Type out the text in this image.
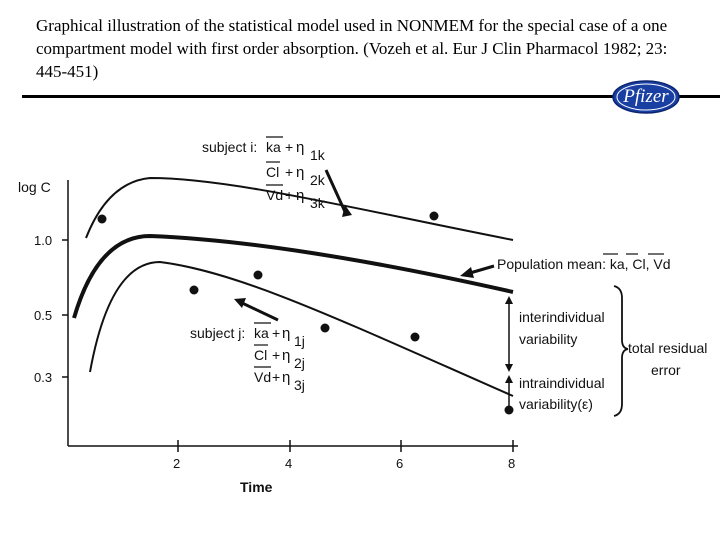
Graphical illustration of the statistical model used in NONMEM for the special case of a one compartment model with first order absorption. (Vozeh et al. Eur J Clin Pharmacol 1982; 23: 445-451)
Pfizer
log C
Time
1.0
0.5
0.3
2	4	6	8
subject i: ka + η 1k
Cl + η 2k
Vd + η 3k
subject j: ka + η 1j
Cl + η 2j
Vd + η 3j
Population mean: ka, Cl, Vd
interindividual
variability
intraindividual
variability(ε)
total residual
error
